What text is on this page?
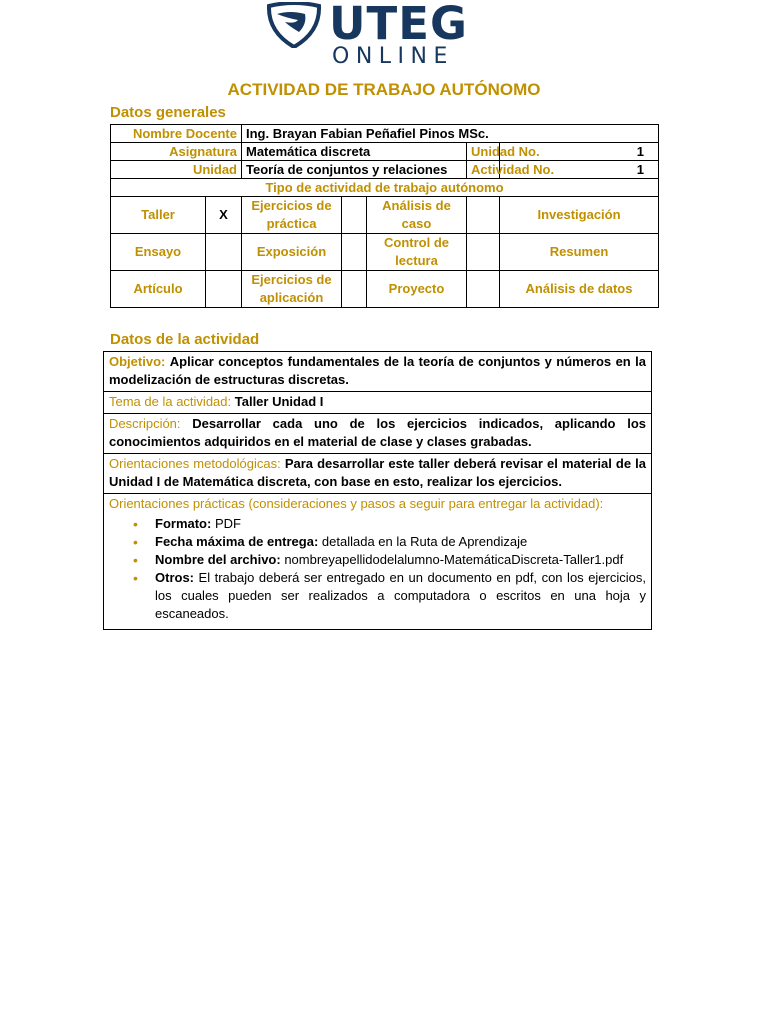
UTEG
ONLINE
ACTIVIDAD DE TRABAJO AUTÓNOMO
Datos generales
Nombre Docente		Ing. Brayan Fabian Peñafiel Pinos MSc.				
Asignatura		Matemática discreta			Unidad No.	1
Unidad		Teoría de conjuntos y relaciones			Actividad No.	1
Tipo de actividad de trabajo autónomo						
Taller	X	Ejercicios de práctica		Análisis de caso		Investigación
Ensayo		Exposición		Control de lectura		Resumen
Artículo		Ejercicios de aplicación		Proyecto		Análisis de datos
Datos de la actividad
Objetivo: Aplicar conceptos fundamentales de la teoría de conjuntos y números en la modelización de estructuras discretas.
Tema de la actividad: Taller Unidad I
Descripción: Desarrollar cada uno de los ejercicios indicados, aplicando los conocimientos adquiridos en el material de clase y clases grabadas.
Orientaciones metodológicas: Para desarrollar este taller deberá revisar el material de la Unidad I de Matemática discreta, con base en esto, realizar los ejercicios.
Orientaciones prácticas (consideraciones y pasos a seguir para entregar la actividad):
• Formato: PDF
• Fecha máxima de entrega: detallada en la Ruta de Aprendizaje
• Nombre del archivo: nombreyapellidodelalumno-MatemáticaDiscreta-Taller1.pdf
• Otros: El trabajo deberá ser entregado en un documento en pdf, con los ejercicios, los cuales pueden ser realizados a computadora o escritos en una hoja y escaneados.
